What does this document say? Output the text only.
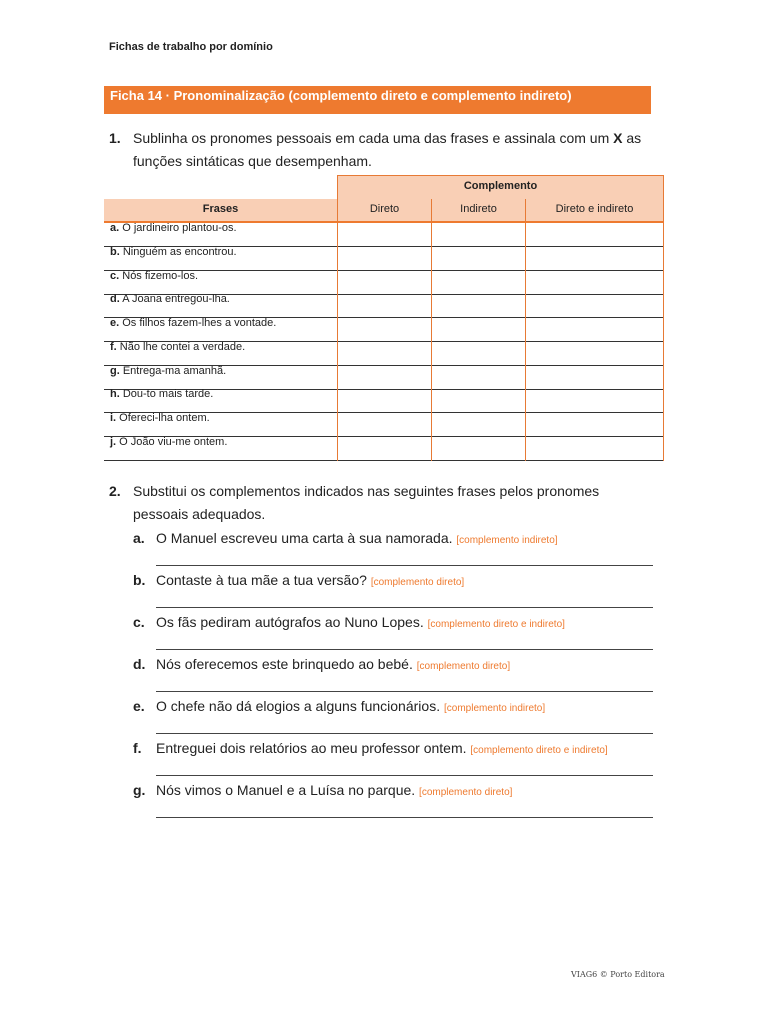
Fichas de trabalho por domínio
Ficha 14 · Pronominalização (complemento direto e complemento indireto)
1. Sublinha os pronomes pessoais em cada uma das frases e assinala com um X as
funções sintáticas que desempenham.
Complemento
Frases	Direto	Indireto	Direto e indireto
a. O jardineiro plantou-os.
b. Ninguém as encontrou.
c. Nós fizemo-los.
d. A Joana entregou-lha.
e. Os filhos fazem-lhes a vontade.
f. Não lhe contei a verdade.
g. Entrega-ma amanhã.
h. Dou-to mais tarde.
i. Ofereci-lha ontem.
j. O João viu-me ontem.
2. Substitui os complementos indicados nas seguintes frases pelos pronomes
pessoais adequados.
a. O Manuel escreveu uma carta à sua namorada. [complemento indireto]
b. Contaste à tua mãe a tua versão? [complemento direto]
c. Os fãs pediram autógrafos ao Nuno Lopes. [complemento direto e indireto]
d. Nós oferecemos este brinquedo ao bebé. [complemento direto]
e. O chefe não dá elogios a alguns funcionários. [complemento indireto]
f. Entreguei dois relatórios ao meu professor ontem. [complemento direto e indireto]
g. Nós vimos o Manuel e a Luísa no parque. [complemento direto]
VIAG6 © Porto Editora
